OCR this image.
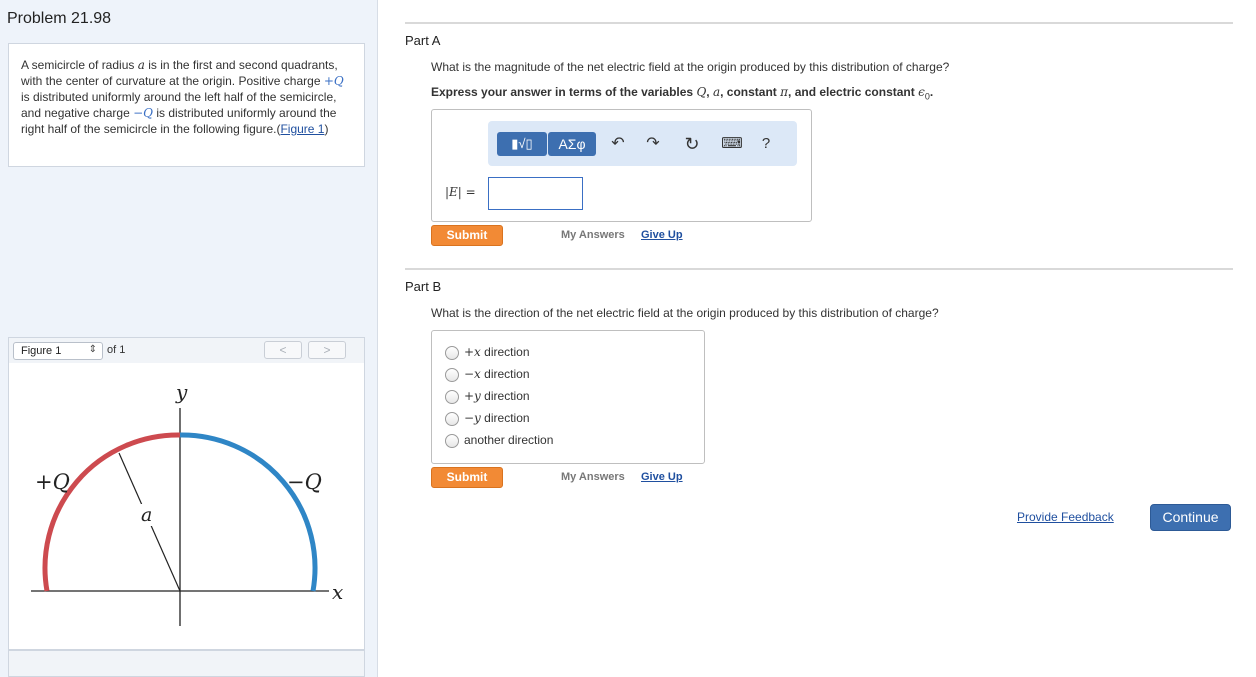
Problem 21.98
A semicircle of radius a is in the first and second quadrants, with the center of curvature at the origin. Positive charge +Q is distributed uniformly around the left half of the semicircle, and negative charge −Q is distributed uniformly around the right half of the semicircle in the following figure.(Figure 1)
Figure 1	⇕ of 1	<	>
y
x
+Q	−Q
a
Part A
What is the magnitude of the net electric field at the origin produced by this distribution of charge?
Express your answer in terms of the variables Q, a, constant π, and electric constant $\epsilon_0$.
▮√▯	ΑΣφ	↶ ↷ ↻ ⌨	?
|E| =
Submit	My Answers Give Up
Part B
What is the direction of the net electric field at the origin produced by this distribution of charge?
+x direction
−x direction
+y direction
−y direction
another direction
Submit	My Answers Give Up
Provide Feedback	Continue
